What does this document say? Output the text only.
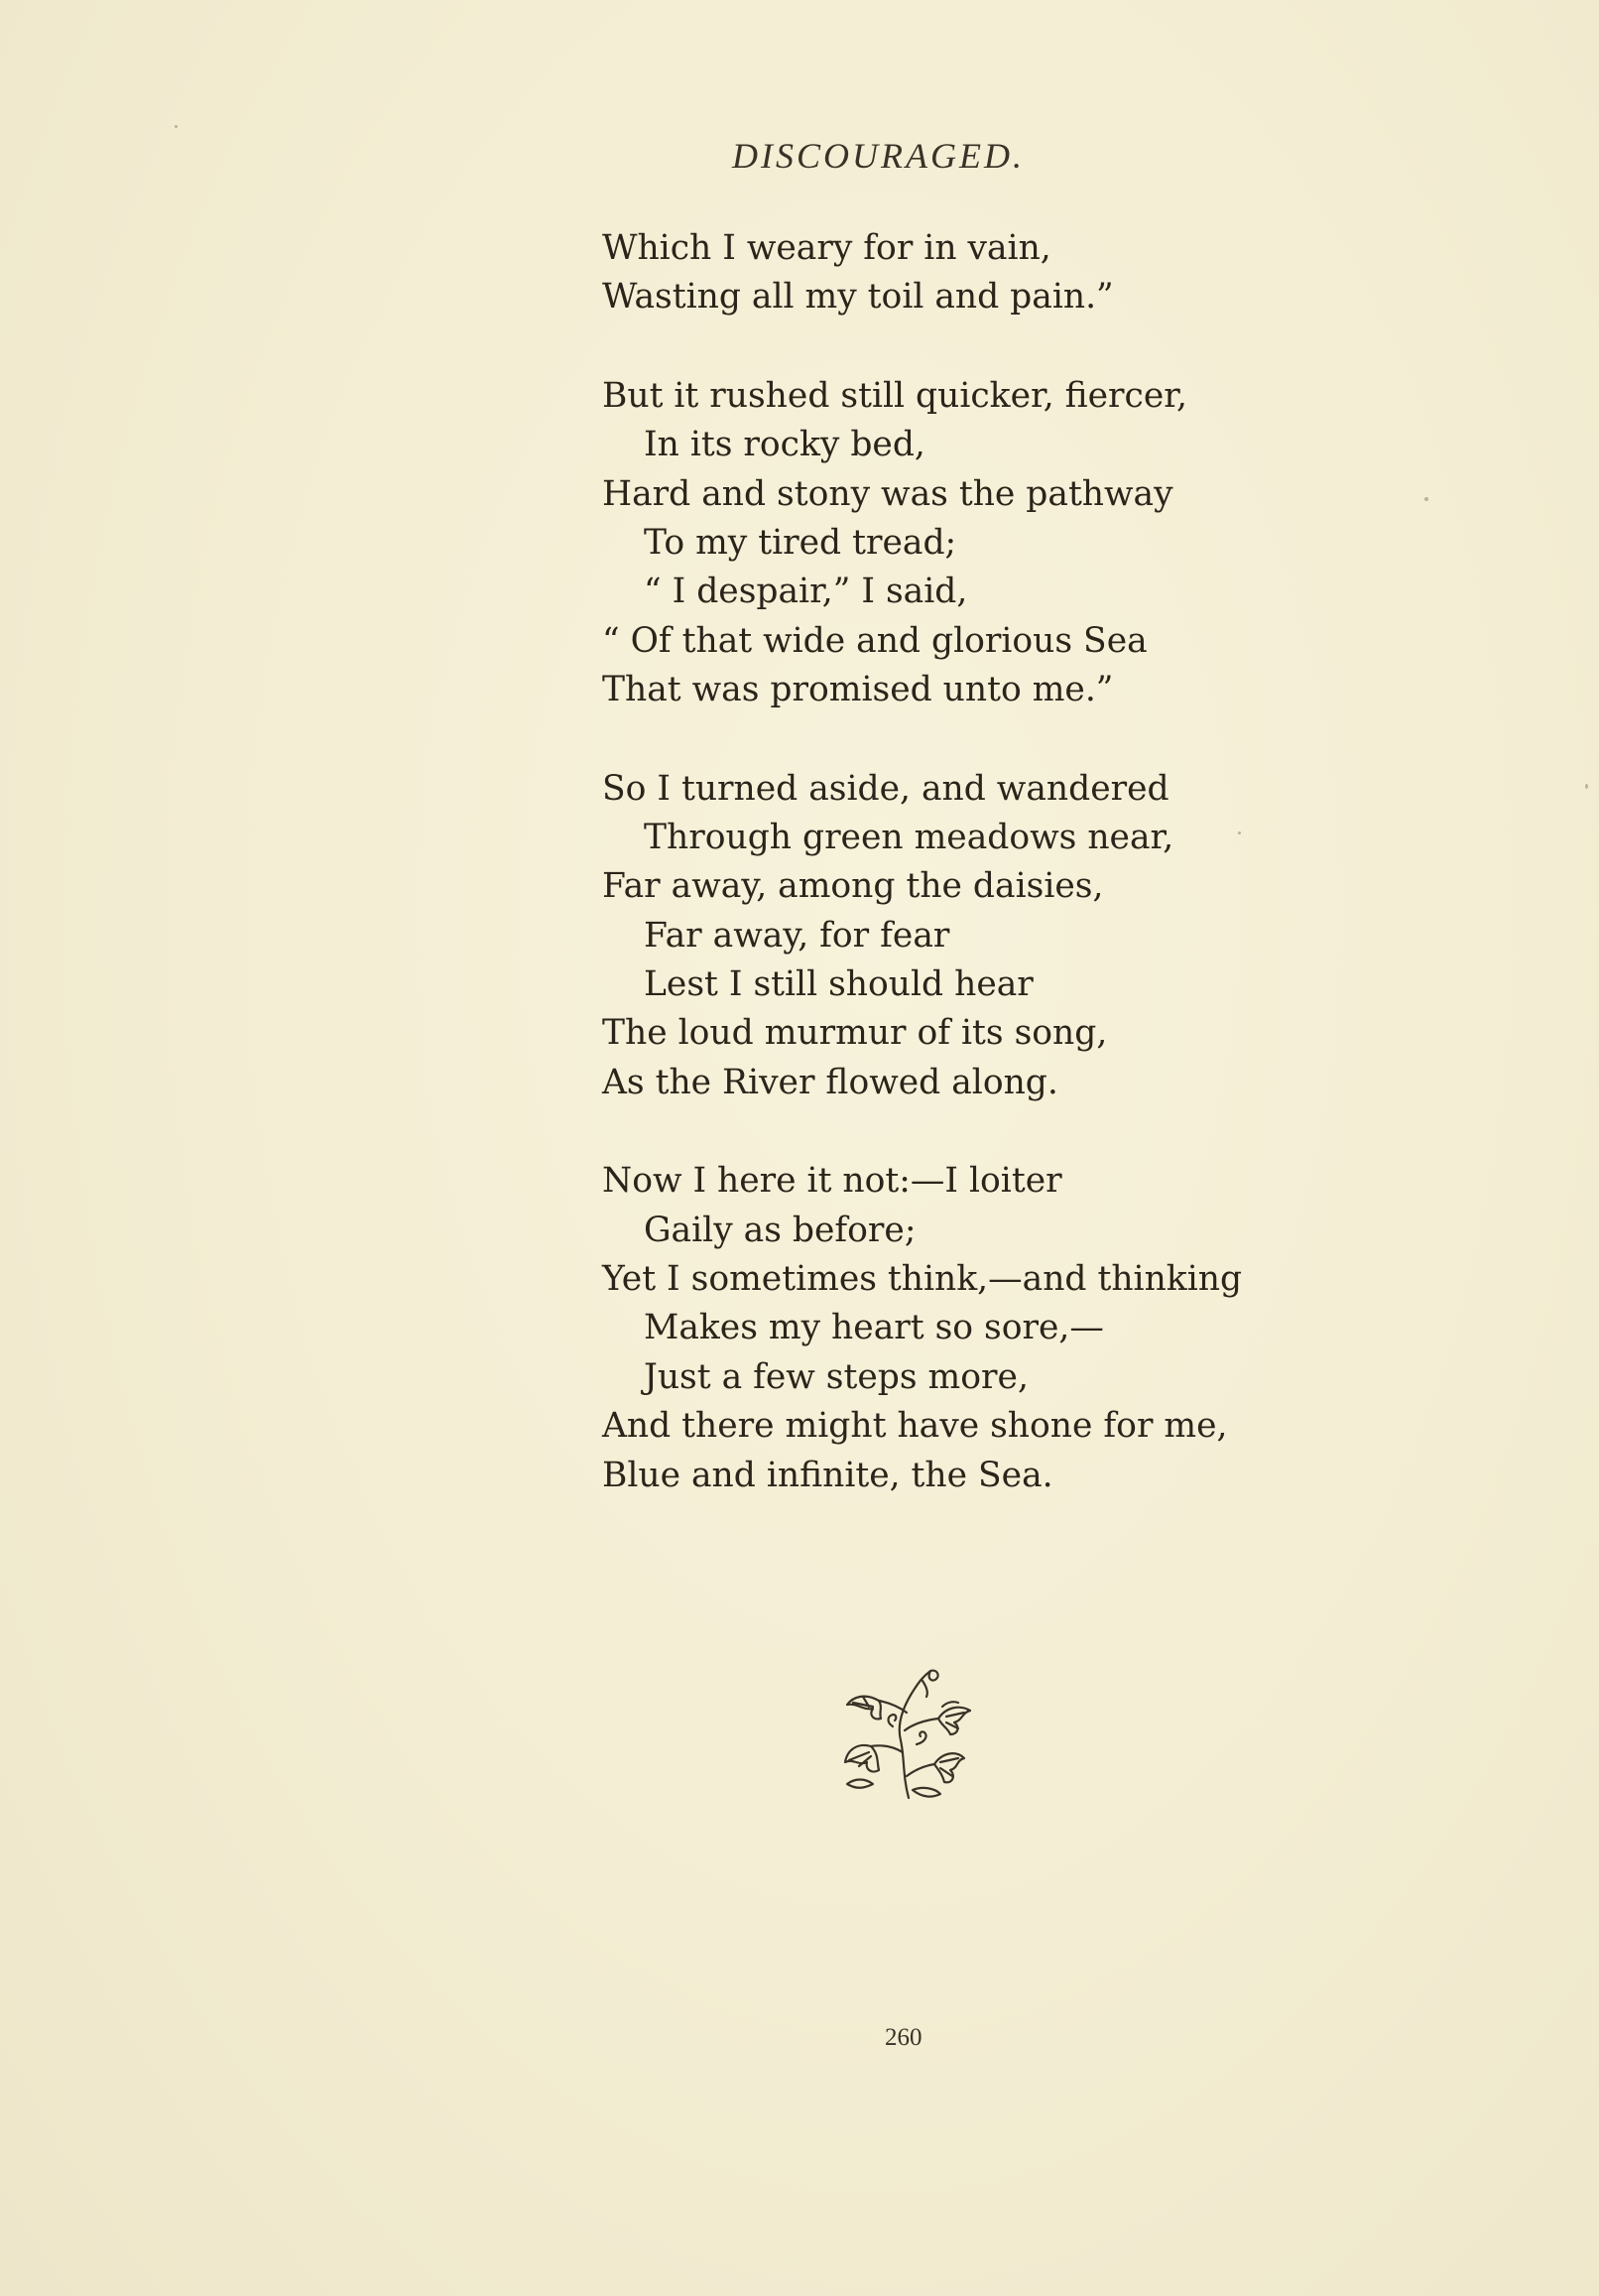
DISCOURAGED.
Which I weary for in vain,
Wasting all my toil and pain.”
But it rushed still quicker, fiercer,
In its rocky bed,
Hard and stony was the pathway
To my tired tread;
“ I despair,” I said,
“ Of that wide and glorious Sea
That was promised unto me.”
So I turned aside, and wandered
Through green meadows near,
Far away, among the daisies,
Far away, for fear
Lest I still should hear
The loud murmur of its song,
As the River flowed along.
Now I here it not:—I loiter
Gaily as before;
Yet I sometimes think,—and thinking
Makes my heart so sore,—
Just a few steps more,
And there might have shone for me,
Blue and infinite, the Sea.
260
